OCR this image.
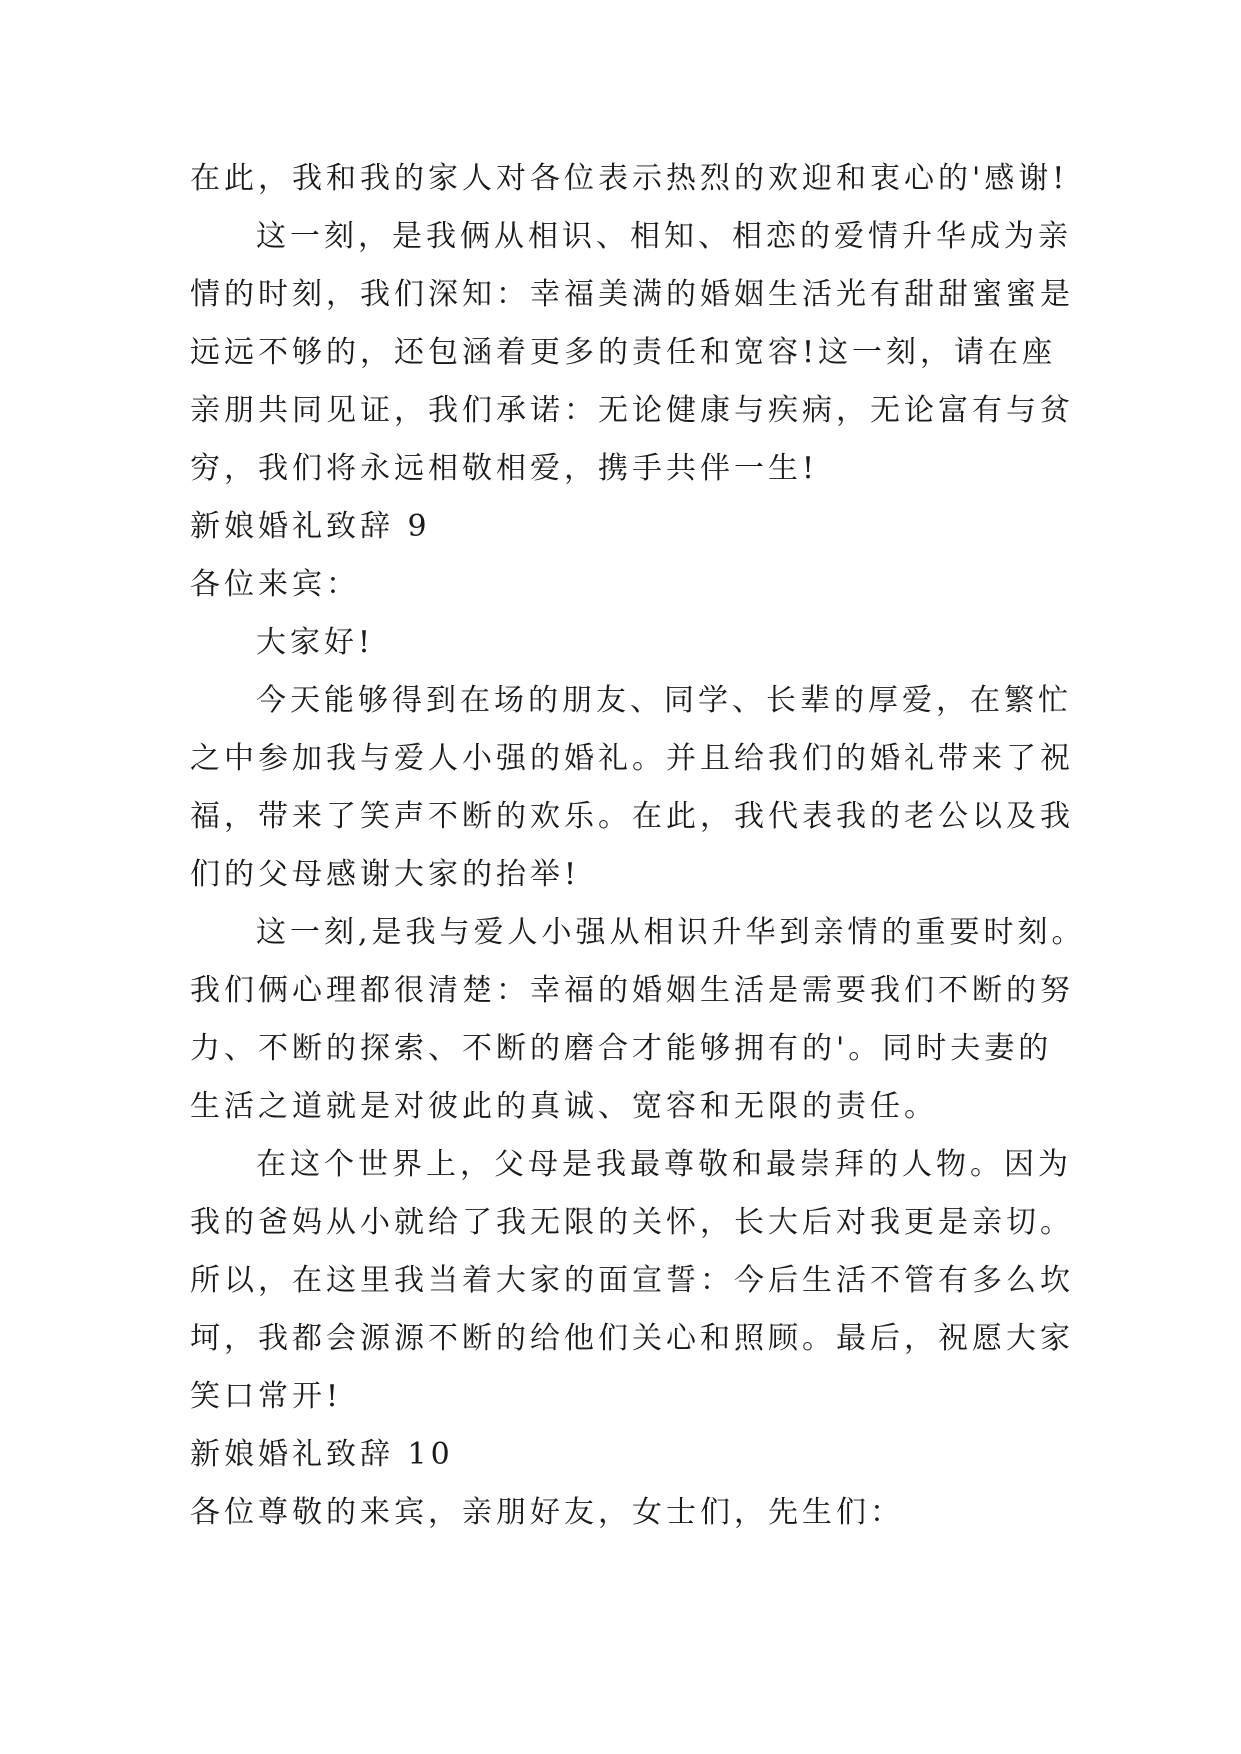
在此，我和我的家人对各位表示热烈的欢迎和衷心的'感谢!
这一刻，是我俩从相识、相知、相恋的爱情升华成为亲
情的时刻，我们深知：幸福美满的婚姻生活光有甜甜蜜蜜是
远远不够的，还包涵着更多的责任和宽容!这一刻，请在座
亲朋共同见证，我们承诺：无论健康与疾病，无论富有与贫
穷，我们将永远相敬相爱，携手共伴一生!
新娘婚礼致辞 9
各位来宾：
大家好!
今天能够得到在场的朋友、同学、长辈的厚爱，在繁忙
之中参加我与爱人小强的婚礼。并且给我们的婚礼带来了祝
福，带来了笑声不断的欢乐。在此，我代表我的老公以及我
们的父母感谢大家的抬举!
这一刻,是我与爱人小强从相识升华到亲情的重要时刻。
我们俩心理都很清楚：幸福的婚姻生活是需要我们不断的努
力、不断的探索、不断的磨合才能够拥有的'。同时夫妻的
生活之道就是对彼此的真诚、宽容和无限的责任。
在这个世界上，父母是我最尊敬和最崇拜的人物。因为
我的爸妈从小就给了我无限的关怀，长大后对我更是亲切。
所以，在这里我当着大家的面宣誓：今后生活不管有多么坎
坷，我都会源源不断的给他们关心和照顾。最后，祝愿大家
笑口常开!
新娘婚礼致辞 10
各位尊敬的来宾，亲朋好友，女士们，先生们：
